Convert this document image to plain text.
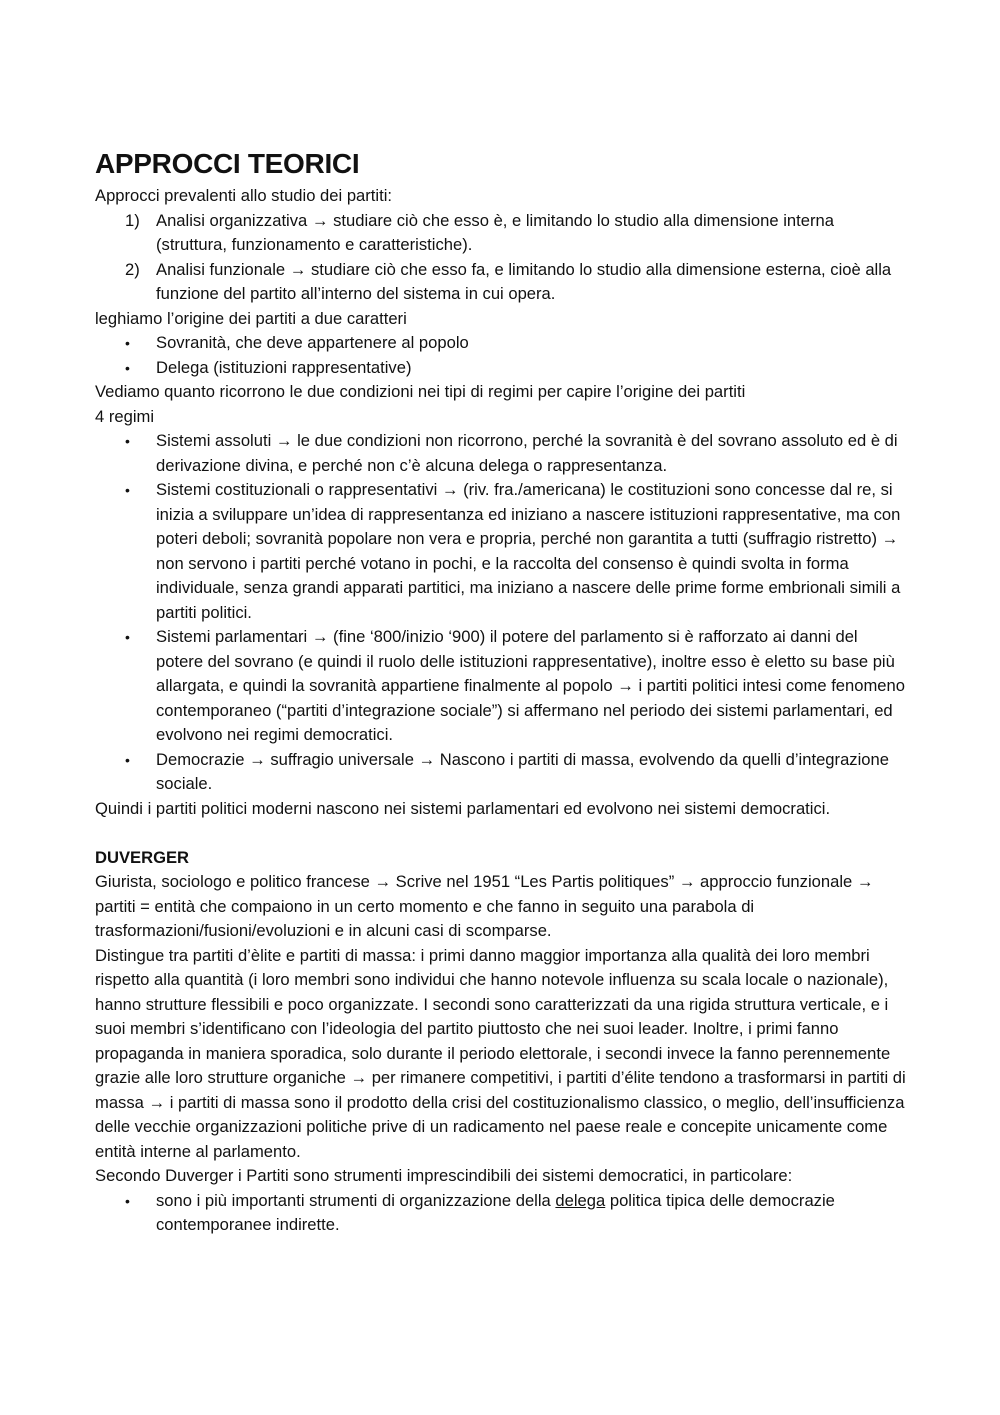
APPROCCI TEORICI

Approcci prevalenti allo studio dei partiti:

1) Analisi organizzativa → studiare ciò che esso è, e limitando lo studio alla dimensione interna (struttura, funzionamento e caratteristiche).
2) Analisi funzionale → studiare ciò che esso fa, e limitando lo studio alla dimensione esterna, cioè alla funzione del partito all’interno del sistema in cui opera.

leghiamo l’origine dei partiti a due caratteri

• Sovranità, che deve appartenere al popolo
• Delega (istituzioni rappresentative)

Vediamo quanto ricorrono le due condizioni nei tipi di regimi per capire l’origine dei partiti

4 regimi

• Sistemi assoluti → le due condizioni non ricorrono, perché la sovranità è del sovrano assoluto ed è di derivazione divina, e perché non c’è alcuna delega o rappresentanza.
• Sistemi costituzionali o rappresentativi → (riv. fra./americana) le costituzioni sono concesse dal re, si inizia a sviluppare un’idea di rappresentanza ed iniziano a nascere istituzioni rappresentative, ma con poteri deboli; sovranità popolare non vera e propria, perché non garantita a tutti (suffragio ristretto) → non servono i partiti perché votano in pochi, e la raccolta del consenso è quindi svolta in forma individuale, senza grandi apparati partitici, ma iniziano a nascere delle prime forme embrionali simili a partiti politici.
• Sistemi parlamentari → (fine ‘800/inizio ‘900) il potere del parlamento si è rafforzato ai danni del potere del sovrano (e quindi il ruolo delle istituzioni rappresentative), inoltre esso è eletto su base più allargata, e quindi la sovranità appartiene finalmente al popolo → i partiti politici intesi come fenomeno contemporaneo (“partiti d’integrazione sociale”) si affermano nel periodo dei sistemi parlamentari, ed evolvono nei regimi democratici.
• Democrazie → suffragio universale → Nascono i partiti di massa, evolvendo da quelli d’integrazione sociale.

Quindi i partiti politici moderni nascono nei sistemi parlamentari ed evolvono nei sistemi democratici.

DUVERGER

Giurista, sociologo e politico francese → Scrive nel 1951 “Les Partis politiques” → approccio funzionale → partiti = entità che compaiono in un certo momento e che fanno in seguito una parabola di trasformazioni/fusioni/evoluzioni e in alcuni casi di scomparse.

Distingue tra partiti d’èlite e partiti di massa: i primi danno maggior importanza alla qualità dei loro membri rispetto alla quantità (i loro membri sono individui che hanno notevole influenza su scala locale o nazionale), hanno strutture flessibili e poco organizzate. I secondi sono caratterizzati da una rigida struttura verticale, e i suoi membri s’identificano con l’ideologia del partito piuttosto che nei suoi leader. Inoltre, i primi fanno propaganda in maniera sporadica, solo durante il periodo elettorale, i secondi invece la fanno perennemente grazie alle loro strutture organiche → per rimanere competitivi, i partiti d’élite tendono a trasformarsi in partiti di massa → i partiti di massa sono il prodotto della crisi del costituzionalismo classico, o meglio, dell’insufficienza delle vecchie organizzazioni politiche prive di un radicamento nel paese reale e concepite unicamente come entità interne al parlamento.

Secondo Duverger i Partiti sono strumenti imprescindibili dei sistemi democratici, in particolare:

• sono i più importanti strumenti di organizzazione della delega politica tipica delle democrazie contemporanee indirette.
